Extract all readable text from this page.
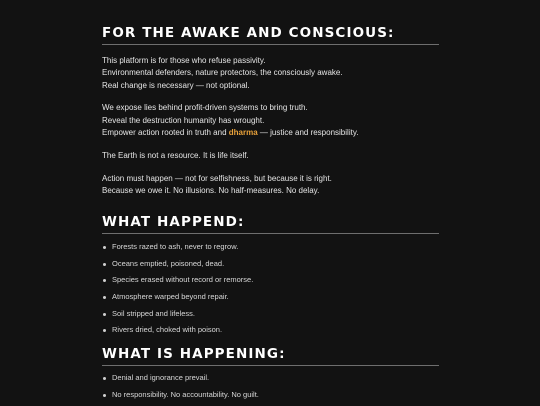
FOR THE AWAKE AND CONSCIOUS:

This platform is for those who refuse passivity.
Environmental defenders, nature protectors, the consciously awake.
Real change is necessary — not optional.

We expose lies behind profit-driven systems to bring truth.
Reveal the destruction humanity has wrought.
Empower action rooted in truth and dharma — justice and responsibility.

The Earth is not a resource. It is life itself.

Action must happen — not for selfishness, but because it is right.
Because we owe it. No illusions. No half-measures. No delay.

WHAT HAPPEND:
Forests razed to ash, never to regrow.
Oceans emptied, poisoned, dead.
Species erased without record or remorse.
Atmosphere warped beyond repair.
Soil stripped and lifeless.
Rivers dried, choked with poison.
WHAT IS HAPPENING:
Denial and ignorance prevail.
No responsibility. No accountability. No guilt.
